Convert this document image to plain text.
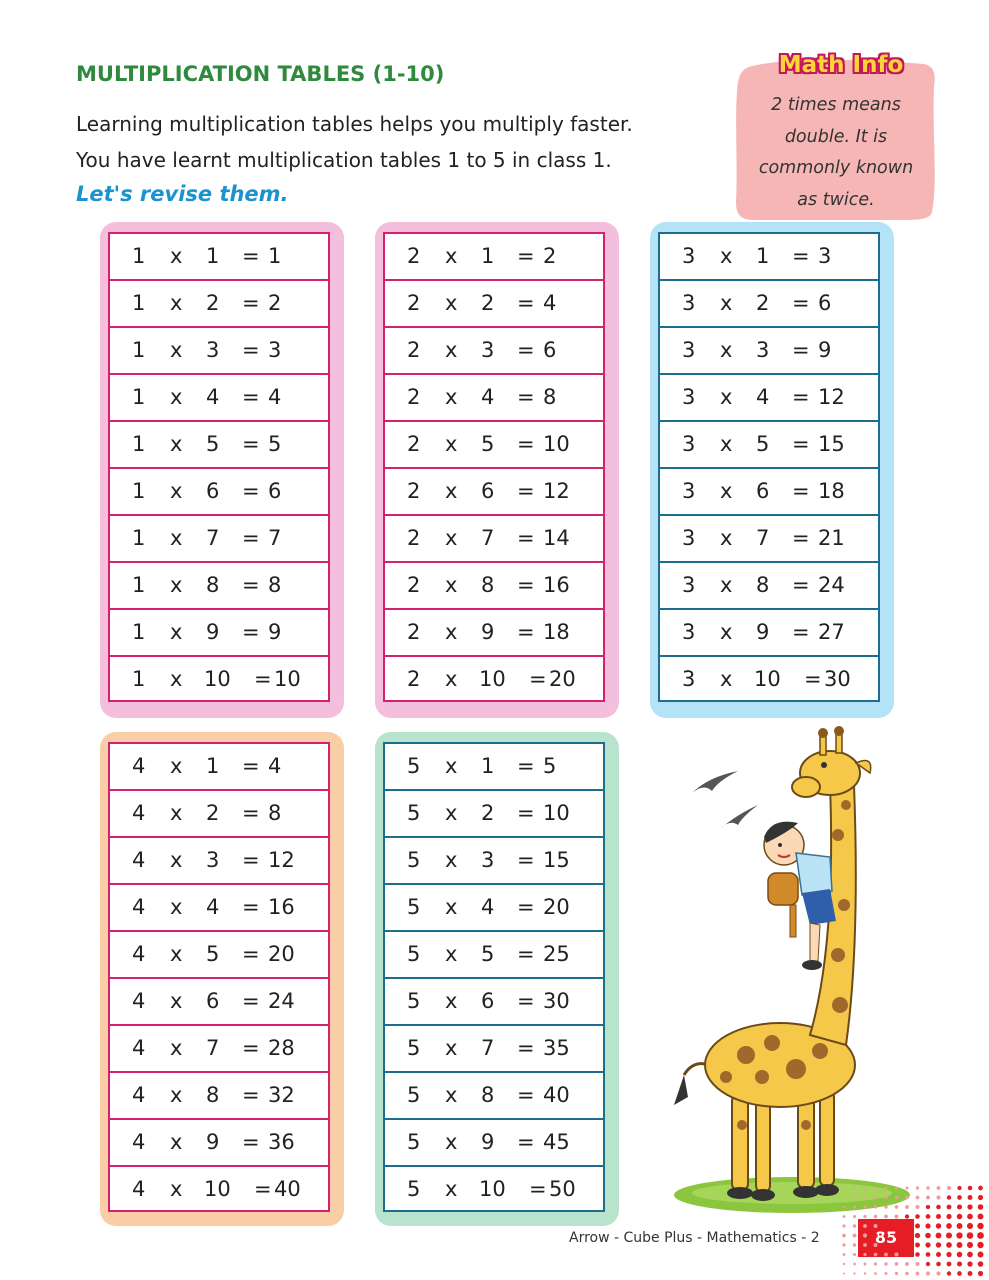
MULTIPLICATION TABLES (1-10)
Learning multiplication tables helps you multiply faster.
You have learnt multiplication tables 1 to 5 in class 1.
Let's revise them.
Math Info
2 times means
double. It is
commonly known
as twice.
1 x 1 = 1
1 x 2 = 2
1 x 3 = 3
1 x 4 = 4
1 x 5 = 5
1 x 6 = 6
1 x 7 = 7
1 x 8 = 8
1 x 9 = 9
1 x 10 = 10
2 x 1 = 2
2 x 2 = 4
2 x 3 = 6
2 x 4 = 8
2 x 5 = 10
2 x 6 = 12
2 x 7 = 14
2 x 8 = 16
2 x 9 = 18
2 x 10 = 20
3 x 1 = 3
3 x 2 = 6
3 x 3 = 9
3 x 4 = 12
3 x 5 = 15
3 x 6 = 18
3 x 7 = 21
3 x 8 = 24
3 x 9 = 27
3 x 10 = 30
4 x 1 = 4
4 x 2 = 8
4 x 3 = 12
4 x 4 = 16
4 x 5 = 20
4 x 6 = 24
4 x 7 = 28
4 x 8 = 32
4 x 9 = 36
4 x 10 = 40
5 x 1 = 5
5 x 2 = 10
5 x 3 = 15
5 x 4 = 20
5 x 5 = 25
5 x 6 = 30
5 x 7 = 35
5 x 8 = 40
5 x 9 = 45
5 x 10 = 50
Arrow - Cube Plus - Mathematics - 2
